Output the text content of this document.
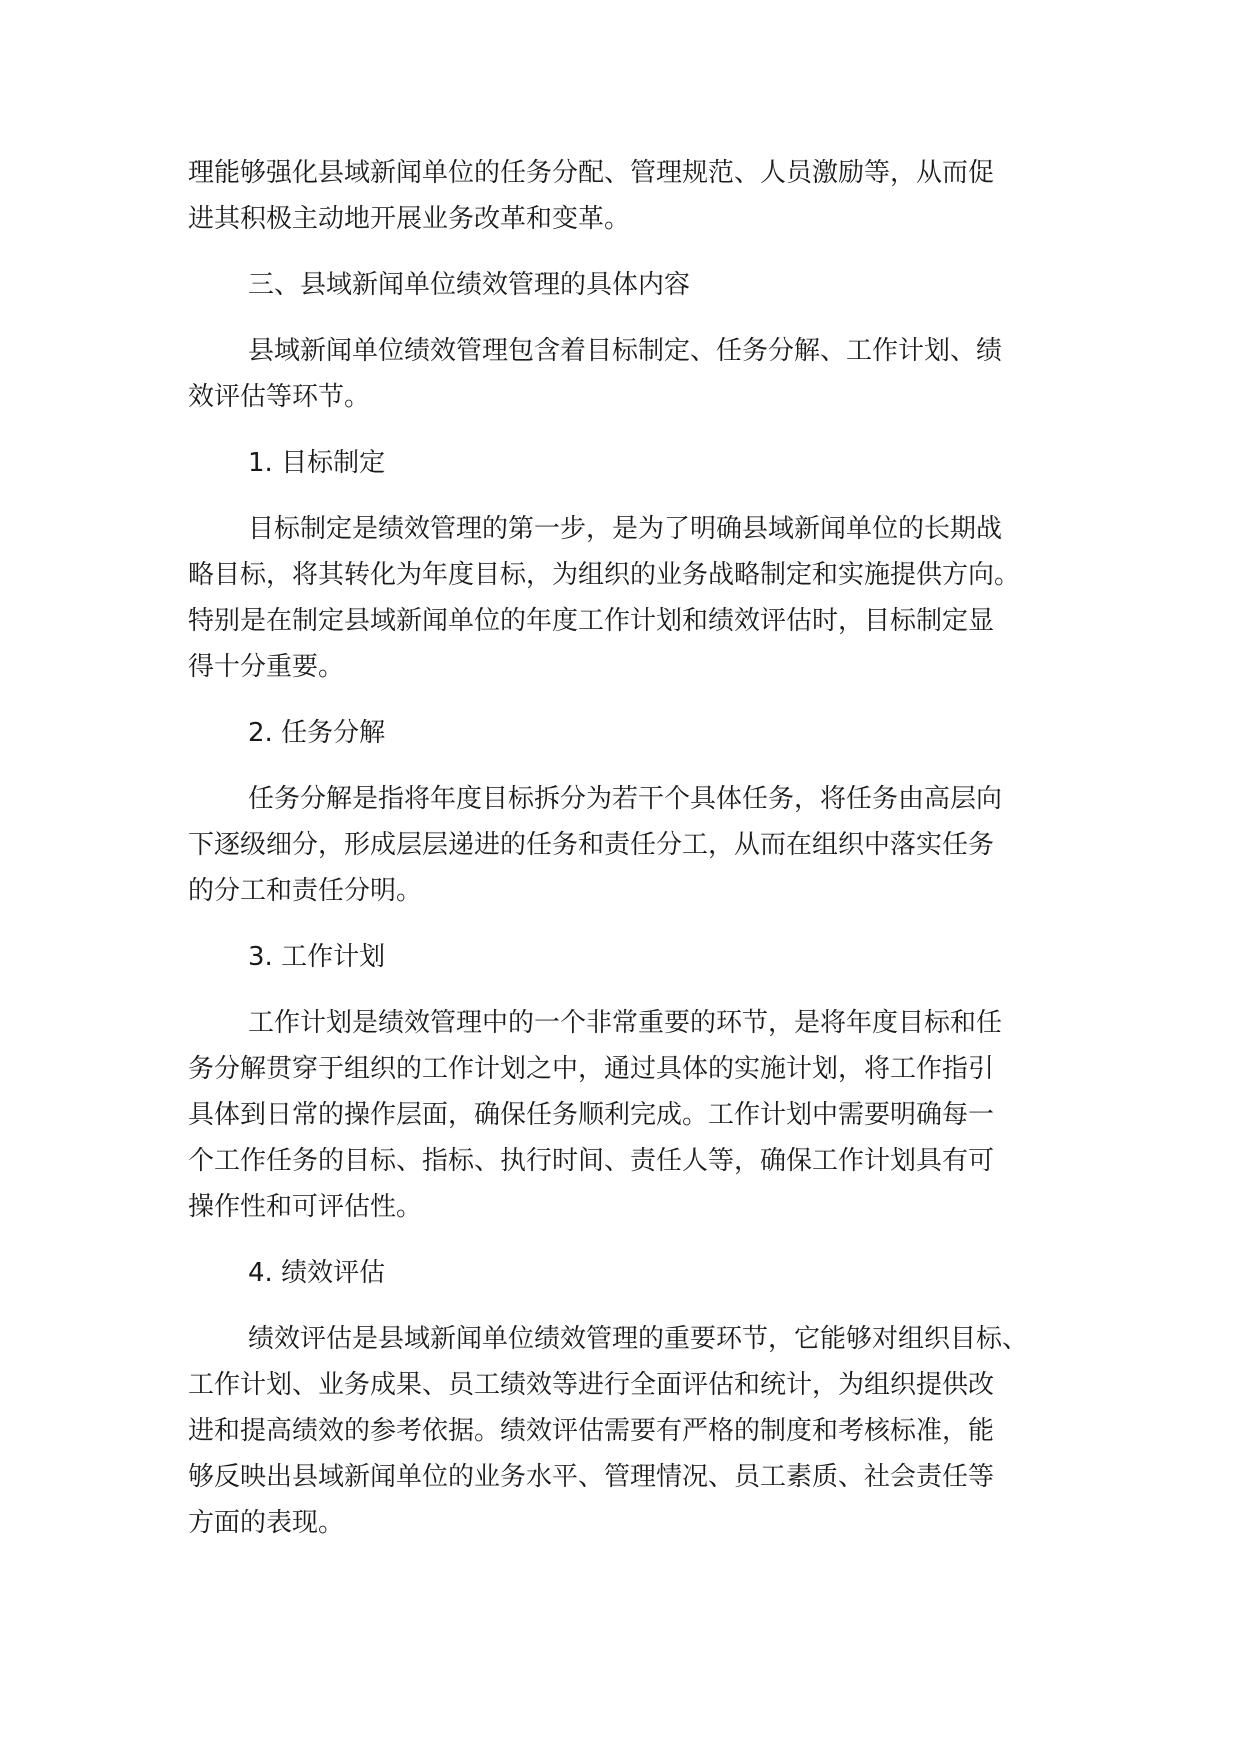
理能够强化县域新闻单位的任务分配、管理规范、人员激励等，从而促
进其积极主动地开展业务改革和变革。
三、县域新闻单位绩效管理的具体内容
县域新闻单位绩效管理包含着目标制定、任务分解、工作计划、绩
效评估等环节。
1. 目标制定
目标制定是绩效管理的第一步，是为了明确县域新闻单位的长期战
略目标，将其转化为年度目标，为组织的业务战略制定和实施提供方向。
特别是在制定县域新闻单位的年度工作计划和绩效评估时，目标制定显
得十分重要。
2. 任务分解
任务分解是指将年度目标拆分为若干个具体任务，将任务由高层向
下逐级细分，形成层层递进的任务和责任分工，从而在组织中落实任务
的分工和责任分明。
3. 工作计划
工作计划是绩效管理中的一个非常重要的环节，是将年度目标和任
务分解贯穿于组织的工作计划之中，通过具体的实施计划，将工作指引
具体到日常的操作层面，确保任务顺利完成。工作计划中需要明确每一
个工作任务的目标、指标、执行时间、责任人等，确保工作计划具有可
操作性和可评估性。
4. 绩效评估
绩效评估是县域新闻单位绩效管理的重要环节，它能够对组织目标、
工作计划、业务成果、员工绩效等进行全面评估和统计，为组织提供改
进和提高绩效的参考依据。绩效评估需要有严格的制度和考核标准，能
够反映出县域新闻单位的业务水平、管理情况、员工素质、社会责任等
方面的表现。
